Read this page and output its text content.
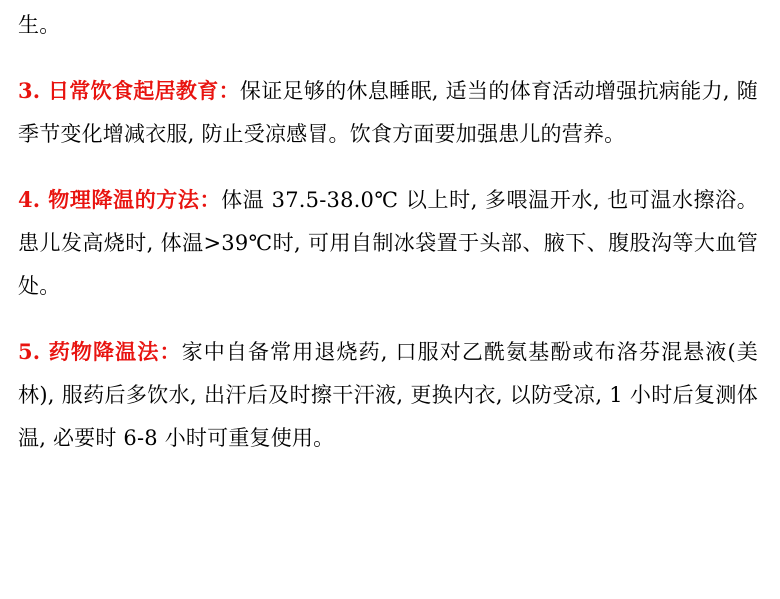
生。

3. 日常饮食起居教育：保证足够的休息睡眠, 适当的体育活动增强抗病能力, 随季节变化增减衣服, 防止受凉感冒。饮食方面要加强患儿的营养。

4. 物理降温的方法：体温 37.5-38.0℃ 以上时, 多喂温开水, 也可温水擦浴。患儿发高烧时, 体温>39℃时, 可用自制冰袋置于头部、腋下、腹股沟等大血管处。

5. 药物降温法：家中自备常用退烧药, 口服对乙酰氨基酚或布洛芬混悬液(美林), 服药后多饮水, 出汗后及时擦干汗液, 更换内衣, 以防受凉, 1 小时后复测体温, 必要时 6-8 小时可重复使用。
